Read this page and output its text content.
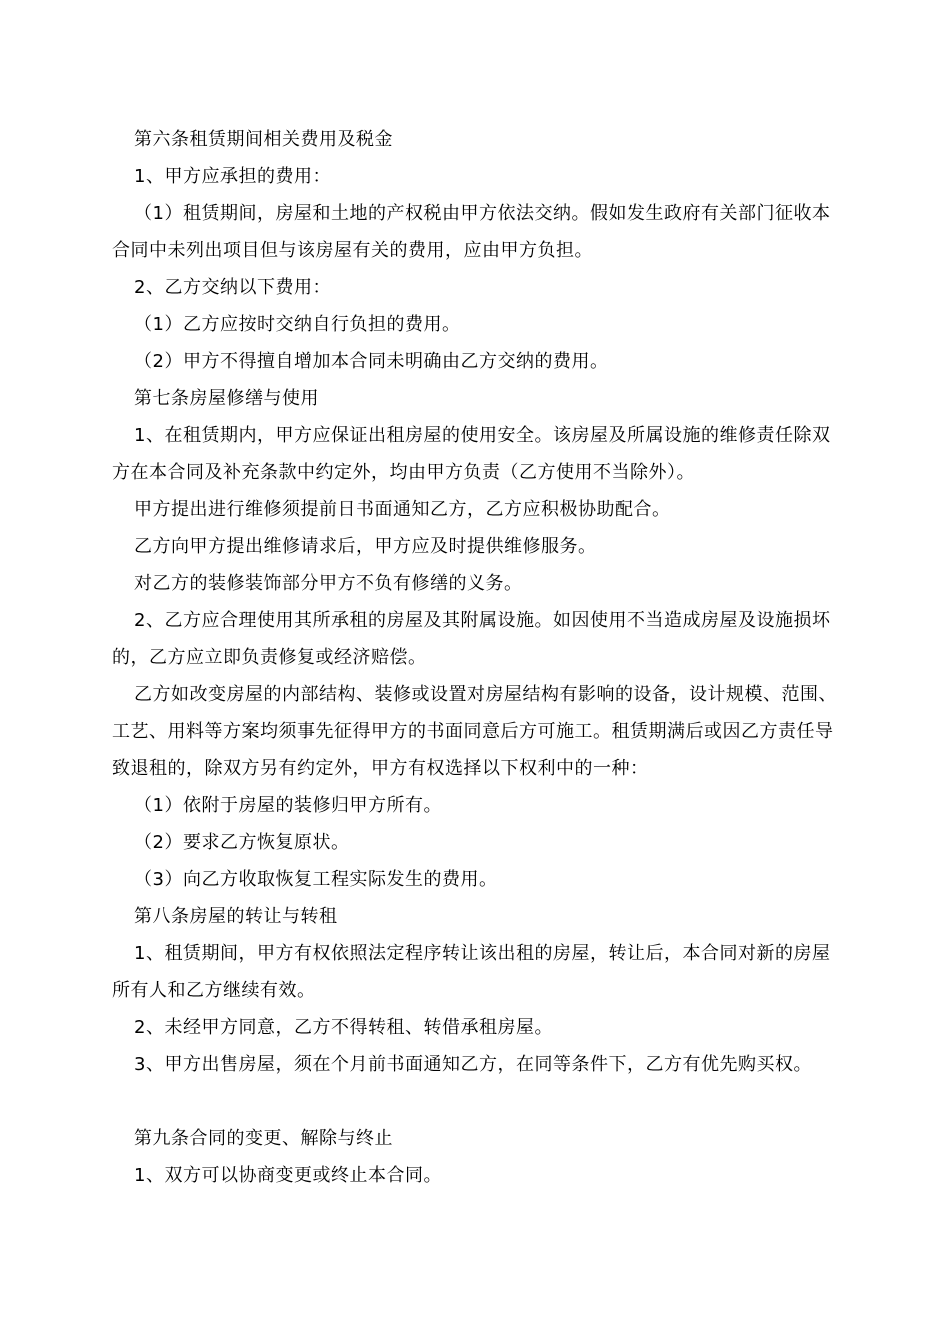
第六条租赁期间相关费用及税金

1、甲方应承担的费用：

（1）租赁期间，房屋和土地的产权税由甲方依法交纳。假如发生政府有关部门征收本合同中未列出项目但与该房屋有关的费用，应由甲方负担。

2、乙方交纳以下费用：

（1）乙方应按时交纳自行负担的费用。

（2）甲方不得擅自增加本合同未明确由乙方交纳的费用。

第七条房屋修缮与使用

1、在租赁期内，甲方应保证出租房屋的使用安全。该房屋及所属设施的维修责任除双方在本合同及补充条款中约定外，均由甲方负责（乙方使用不当除外）。

甲方提出进行维修须提前日书面通知乙方，乙方应积极协助配合。

乙方向甲方提出维修请求后，甲方应及时提供维修服务。

对乙方的装修装饰部分甲方不负有修缮的义务。

2、乙方应合理使用其所承租的房屋及其附属设施。如因使用不当造成房屋及设施损坏的，乙方应立即负责修复或经济赔偿。

乙方如改变房屋的内部结构、装修或设置对房屋结构有影响的设备，设计规模、范围、工艺、用料等方案均须事先征得甲方的书面同意后方可施工。租赁期满后或因乙方责任导致退租的，除双方另有约定外，甲方有权选择以下权利中的一种：

（1）依附于房屋的装修归甲方所有。

（2）要求乙方恢复原状。

（3）向乙方收取恢复工程实际发生的费用。

第八条房屋的转让与转租

1、租赁期间，甲方有权依照法定程序转让该出租的房屋，转让后，本合同对新的房屋所有人和乙方继续有效。

2、未经甲方同意，乙方不得转租、转借承租房屋。

3、甲方出售房屋，须在个月前书面通知乙方，在同等条件下，乙方有优先购买权。

第九条合同的变更、解除与终止

1、双方可以协商变更或终止本合同。
